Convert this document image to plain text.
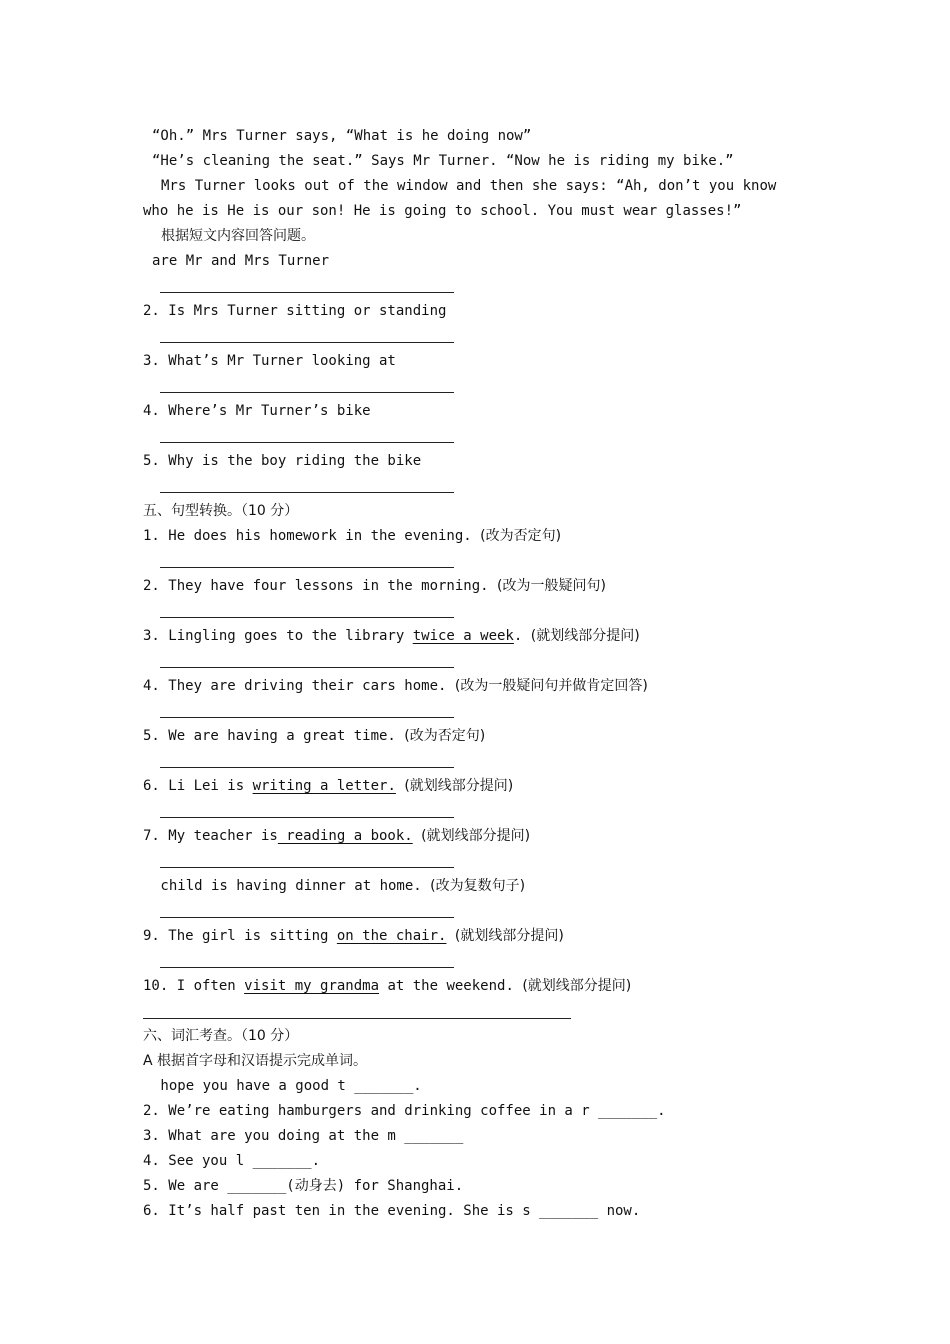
“Oh.” Mrs Turner says, “What is he doing now”
“He’s cleaning the seat.” Says Mr Turner. “Now he is riding my bike.”
Mrs Turner looks out of the window and then she says: “Ah, don’t you know
who he is He is our son! He is going to school. You must wear glasses!”
根据短文内容回答问题。
are Mr and Mrs Turner
2. Is Mrs Turner sitting or standing
3. What’s Mr Turner looking at
4. Where’s Mr Turner’s bike
5. Why is the boy riding the bike
五、句型转换。（10 分）
1. He does his homework in the evening. (改为否定句)
2. They have four lessons in the morning. (改为一般疑问句)
3. Lingling goes to the library twice a week. (就划线部分提问)
4. They are driving their cars home. (改为一般疑问句并做肯定回答)
5. We are having a great time. (改为否定句)
6. Li Lei is writing a letter. (就划线部分提问)
7. My teacher is reading a book. (就划线部分提问)
child is having dinner at home. (改为复数句子)
9. The girl is sitting on the chair. (就划线部分提问)
10. I often visit my grandma at the weekend. (就划线部分提问)
六、词汇考查。（10 分）
A 根据首字母和汉语提示完成单词。
hope you have a good t _______.
2. We’re eating hamburgers and drinking coffee in a r _______.
3. What are you doing at the m _______
4. See you l _______.
5. We are _______(动身去) for Shanghai.
6. It’s half past ten in the evening. She is s _______ now.
